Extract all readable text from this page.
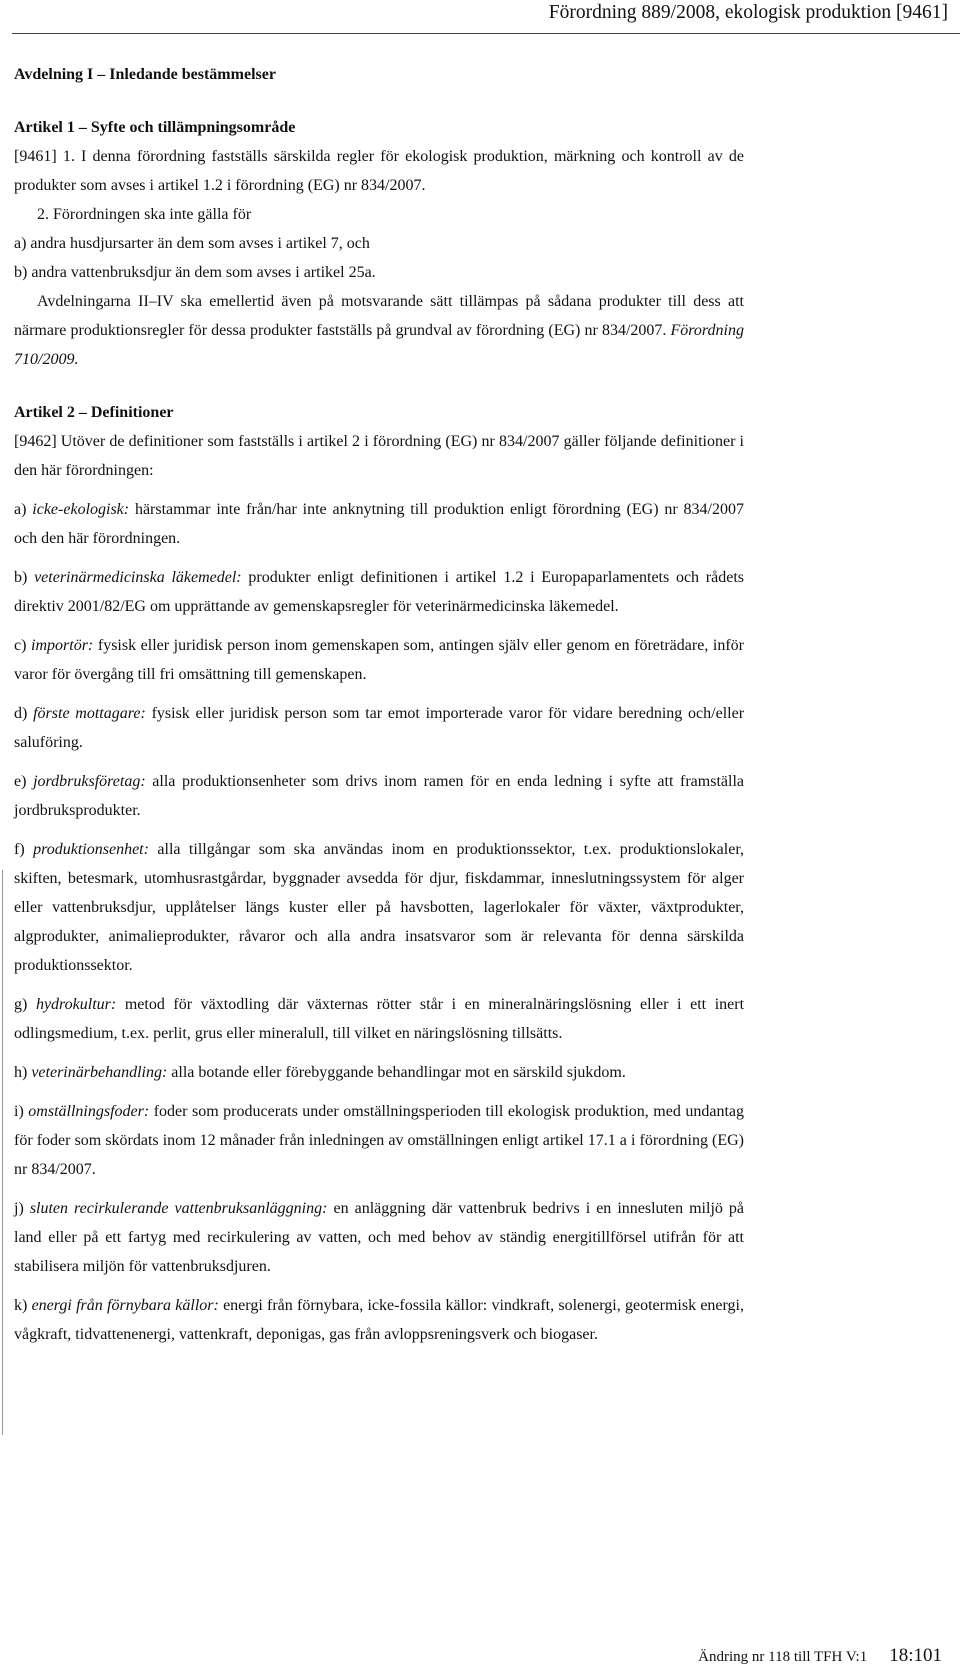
Förordning 889/2008, ekologisk produktion [9461]

Avdelning I – Inledande bestämmelser

Artikel 1 – Syfte och tillämpningsområde

[9461] 1. I denna förordning fastställs särskilda regler för ekologisk produktion, märkning och kontroll av de produkter som avses i artikel 1.2 i förordning (EG) nr 834/2007.

2. Förordningen ska inte gälla för

a) andra husdjursarter än dem som avses i artikel 7, och

b) andra vattenbruksdjur än dem som avses i artikel 25a.

Avdelningarna II–IV ska emellertid även på motsvarande sätt tillämpas på sådana produkter till dess att närmare produktionsregler för dessa produkter fastställs på grundval av förordning (EG) nr 834/2007. Förordning 710/2009.

Artikel 2 – Definitioner

[9462] Utöver de definitioner som fastställs i artikel 2 i förordning (EG) nr 834/2007 gäller följande definitioner i den här förordningen:

a) icke-ekologisk: härstammar inte från/har inte anknytning till produktion enligt förordning (EG) nr 834/2007 och den här förordningen.

b) veterinärmedicinska läkemedel: produkter enligt definitionen i artikel 1.2 i Europaparlamentets och rådets direktiv 2001/82/EG om upprättande av gemenskapsregler för veterinärmedicinska läkemedel.

c) importör: fysisk eller juridisk person inom gemenskapen som, antingen själv eller genom en företrädare, inför varor för övergång till fri omsättning till gemenskapen.

d) förste mottagare: fysisk eller juridisk person som tar emot importerade varor för vidare beredning och/eller saluföring.

e) jordbruksföretag: alla produktionsenheter som drivs inom ramen för en enda ledning i syfte att framställa jordbruksprodukter.

f) produktionsenhet: alla tillgångar som ska användas inom en produktionssektor, t.ex. produktionslokaler, skiften, betesmark, utomhusrastgårdar, byggnader avsedda för djur, fiskdammar, inneslutningssystem för alger eller vattenbruksdjur, upplåtelser längs kuster eller på havsbotten, lagerlokaler för växter, växtprodukter, algprodukter, animalieprodukter, råvaror och alla andra insatsvaror som är relevanta för denna särskilda produktionssektor.

g) hydrokultur: metod för växtodling där växternas rötter står i en mineralnäringslösning eller i ett inert odlingsmedium, t.ex. perlit, grus eller mineralull, till vilket en näringslösning tillsätts.

h) veterinärbehandling: alla botande eller förebyggande behandlingar mot en särskild sjukdom.

i) omställningsfoder: foder som producerats under omställningsperioden till ekologisk produktion, med undantag för foder som skördats inom 12 månader från inledningen av omställningen enligt artikel 17.1 a i förordning (EG) nr 834/2007.

j) sluten recirkulerande vattenbruksanläggning: en anläggning där vattenbruk bedrivs i en innesluten miljö på land eller på ett fartyg med recirkulering av vatten, och med behov av ständig energitillförsel utifrån för att stabilisera miljön för vattenbruksdjuren.

k) energi från förnybara källor: energi från förnybara, icke-fossila källor: vindkraft, solenergi, geotermisk energi, vågkraft, tidvattenenergi, vattenkraft, deponigas, gas från avloppsreningsverk och biogaser.

Ändring nr 118 till TFH V:1 18:101
